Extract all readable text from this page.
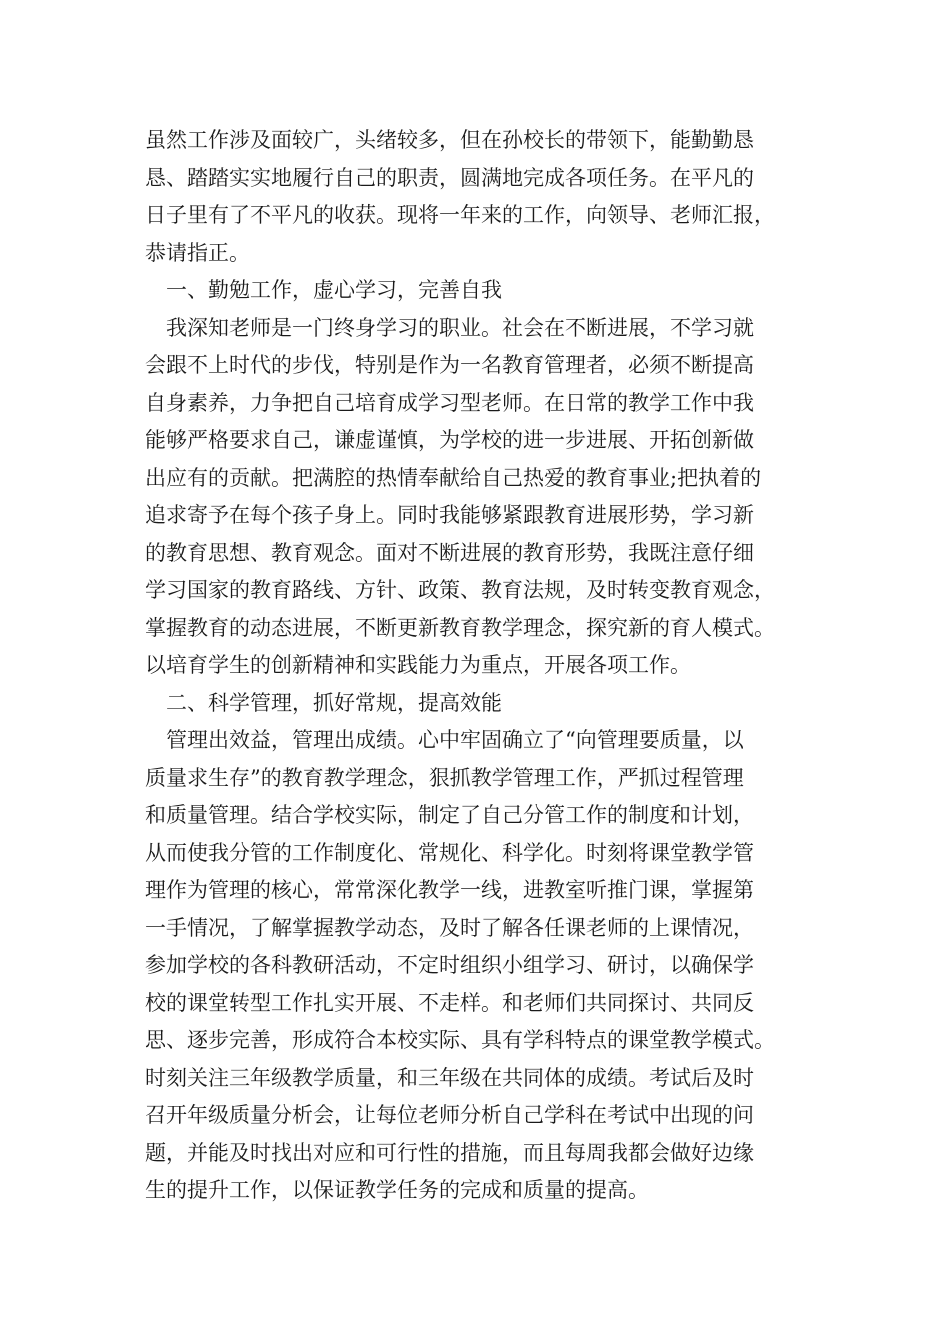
虽然工作涉及面较广，头绪较多，但在孙校长的带领下，能勤勤恳
恳、踏踏实实地履行自己的职责，圆满地完成各项任务。在平凡的
日子里有了不平凡的收获。现将一年来的工作，向领导、老师汇报，
恭请指正。
一、勤勉工作，虚心学习，完善自我
我深知老师是一门终身学习的职业。社会在不断进展，不学习就
会跟不上时代的步伐，特别是作为一名教育管理者，必须不断提高
自身素养，力争把自己培育成学习型老师。在日常的教学工作中我
能够严格要求自己，谦虚谨慎，为学校的进一步进展、开拓创新做
出应有的贡献。把满腔的热情奉献给自己热爱的教育事业;把执着的
追求寄予在每个孩子身上。同时我能够紧跟教育进展形势，学习新
的教育思想、教育观念。面对不断进展的教育形势，我既注意仔细
学习国家的教育路线、方针、政策、教育法规，及时转变教育观念，
掌握教育的动态进展，不断更新教育教学理念，探究新的育人模式。
以培育学生的创新精神和实践能力为重点，开展各项工作。
二、科学管理，抓好常规，提高效能
管理出效益，管理出成绩。心中牢固确立了“向管理要质量，以
质量求生存”的教育教学理念，狠抓教学管理工作，严抓过程管理
和质量管理。结合学校实际，制定了自己分管工作的制度和计划，
从而使我分管的工作制度化、常规化、科学化。时刻将课堂教学管
理作为管理的核心，常常深化教学一线，进教室听推门课，掌握第
一手情况，了解掌握教学动态，及时了解各任课老师的上课情况，
参加学校的各科教研活动，不定时组织小组学习、研讨，以确保学
校的课堂转型工作扎实开展、不走样。和老师们共同探讨、共同反
思、逐步完善，形成符合本校实际、具有学科特点的课堂教学模式。
时刻关注三年级教学质量，和三年级在共同体的成绩。考试后及时
召开年级质量分析会，让每位老师分析自己学科在考试中出现的问
题，并能及时找出对应和可行性的措施，而且每周我都会做好边缘
生的提升工作，以保证教学任务的完成和质量的提高。
